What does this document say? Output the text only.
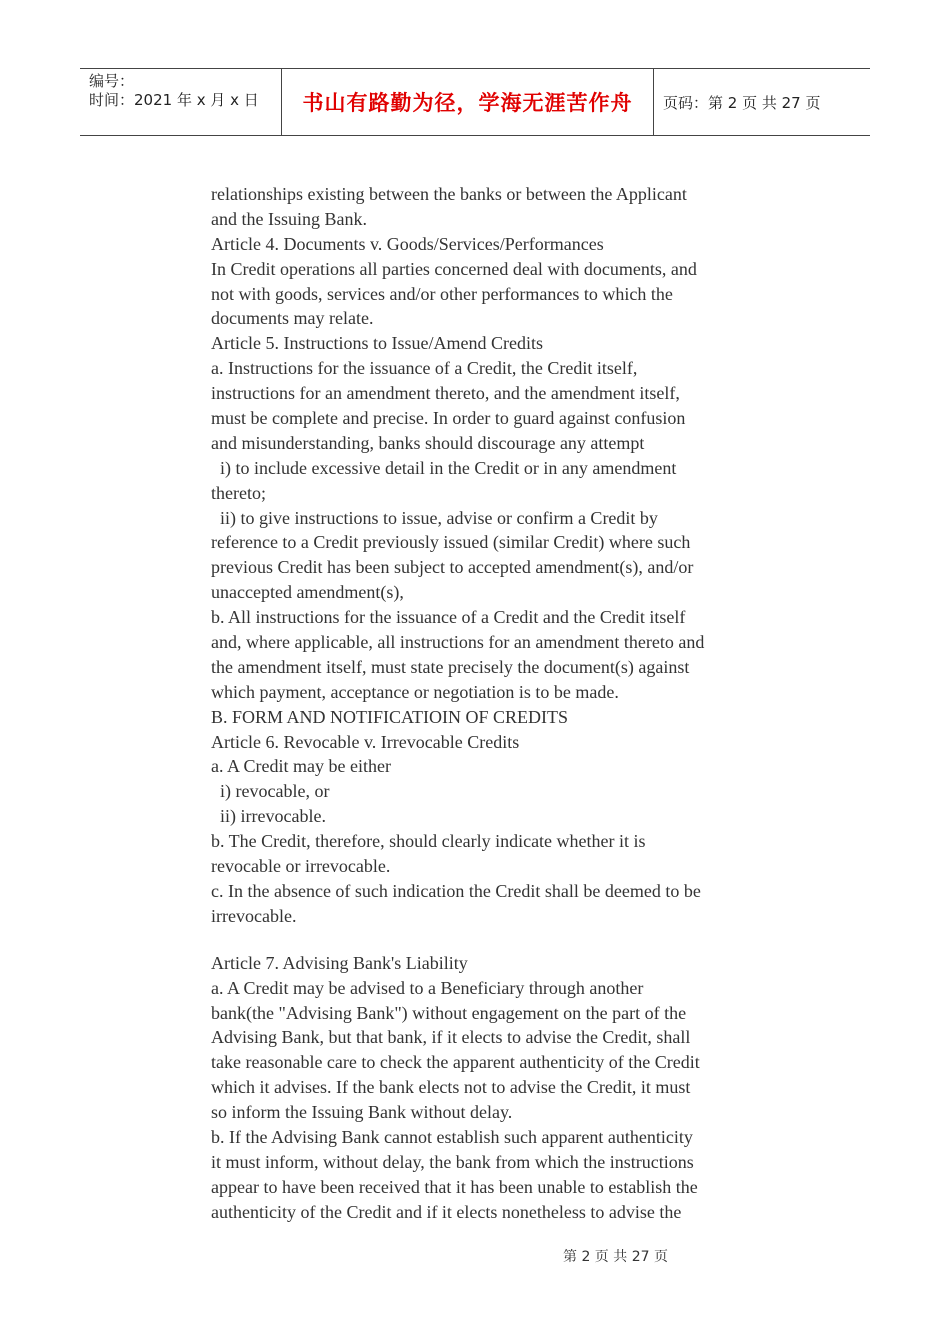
编号：
时间：2021 年 x 月 x 日	书山有路勤为径，学海无涯苦作舟 页码：第 2 页 共 27 页
relationships existing between the banks or between the Applicant
and the Issuing Bank.
Article 4. Documents v. Goods/Services/Performances
In Credit operations all parties concerned deal with documents, and
not with goods, services and/or other performances to which the
documents may relate.
Article 5. Instructions to Issue/Amend Credits
a. Instructions for the issuance of a Credit, the Credit itself,
instructions for an amendment thereto, and the amendment itself,
must be complete and precise. In order to guard against confusion
and misunderstanding, banks should discourage any attempt
i) to include excessive detail in the Credit or in any amendment
thereto;
ii) to give instructions to issue, advise or confirm a Credit by
reference to a Credit previously issued (similar Credit) where such
previous Credit has been subject to accepted amendment(s), and/or
unaccepted amendment(s),
b. All instructions for the issuance of a Credit and the Credit itself
and, where applicable, all instructions for an amendment thereto and
the amendment itself, must state precisely the document(s) against
which payment, acceptance or negotiation is to be made.
B. FORM AND NOTIFICATIOIN OF CREDITS
Article 6. Revocable v. Irrevocable Credits
a. A Credit may be either
i) revocable, or
ii) irrevocable.
b. The Credit, therefore, should clearly indicate whether it is
revocable or irrevocable.
c. In the absence of such indication the Credit shall be deemed to be
irrevocable.
Article 7. Advising Bank's Liability
a. A Credit may be advised to a Beneficiary through another
bank(the "Advising Bank") without engagement on the part of the
Advising Bank, but that bank, if it elects to advise the Credit, shall
take reasonable care to check the apparent authenticity of the Credit
which it advises. If the bank elects not to advise the Credit, it must
so inform the Issuing Bank without delay.
b. If the Advising Bank cannot establish such apparent authenticity
it must inform, without delay, the bank from which the instructions
appear to have been received that it has been unable to establish the
authenticity of the Credit and if it elects nonetheless to advise the
第 2 页 共 27 页
